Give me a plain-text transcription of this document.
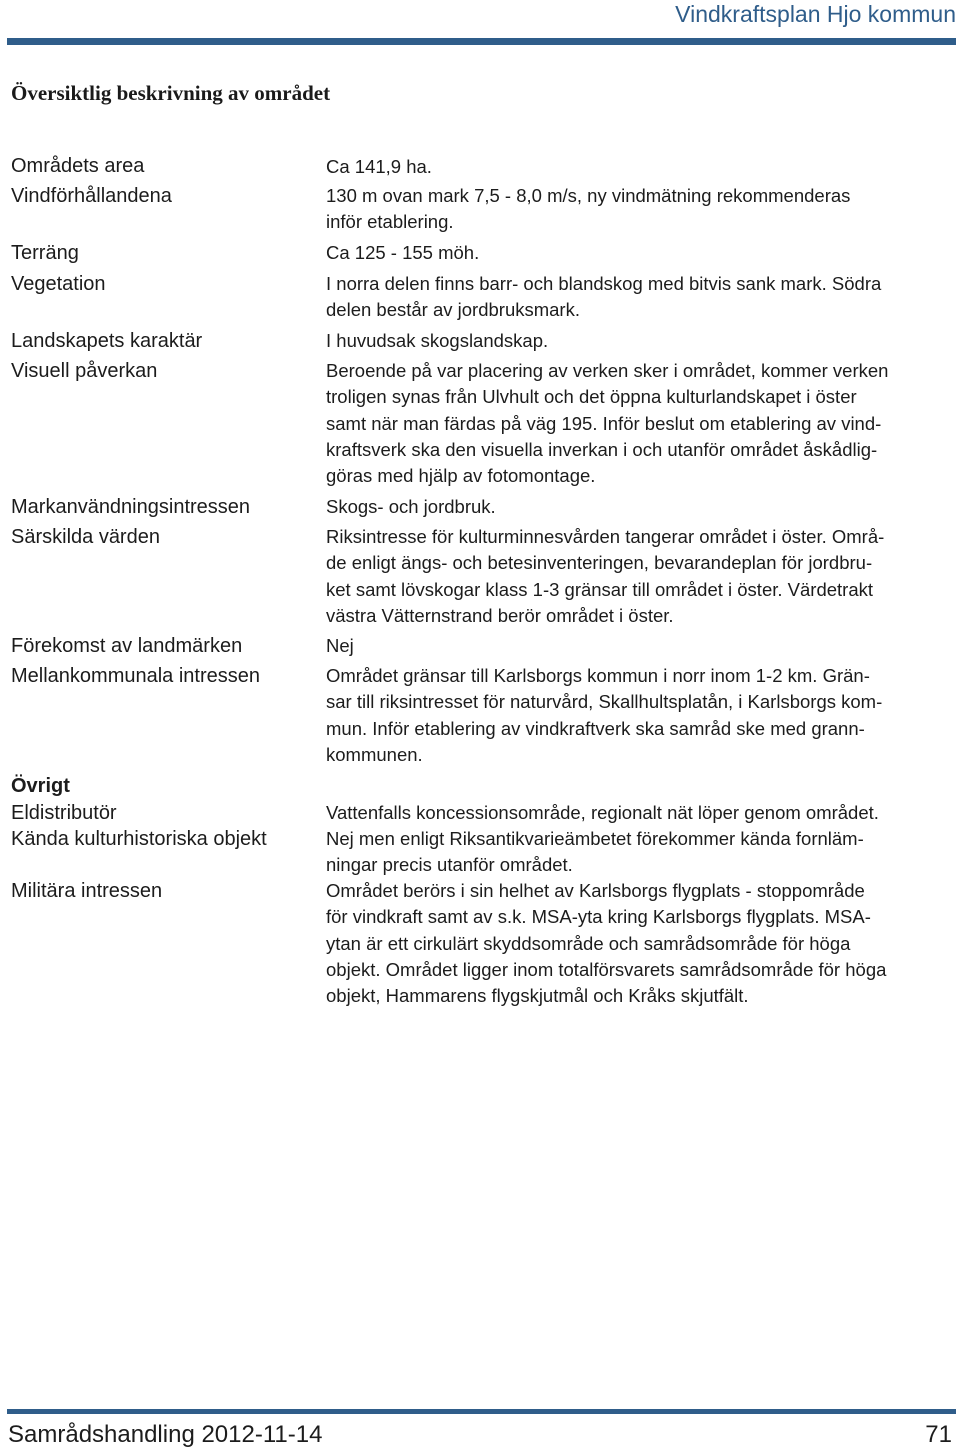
Vindkraftsplan Hjo kommun
Översiktlig beskrivning av området
Områdets area
Vindförhållandena
Terräng
Vegetation
Landskapets karaktär
Visuell påverkan
Markanvändningsintressen
Särskilda värden
Förekomst av landmärken
Mellankommunala intressen
Övrigt
Eldistributör
Kända kulturhistoriska objekt
Militära intressen
Ca 141,9 ha.
130 m ovan mark 7,5 - 8,0 m/s, ny vindmätning rekommenderas
inför etablering.
Ca 125 - 155 möh.
I norra delen finns barr- och blandskog med bitvis sank mark. Södra
delen består av jordbruksmark.
I huvudsak skogslandskap.
Beroende på var placering av verken sker i området, kommer verken
troligen synas från Ulvhult och det öppna kulturlandskapet i öster
samt när man färdas på väg 195. Inför beslut om etablering av vind-
kraftsverk ska den visuella inverkan i och utanför området åskådlig-
göras med hjälp av fotomontage.
Skogs- och jordbruk.
Riksintresse för kulturminnesvården tangerar området i öster. Områ-
de enligt ängs- och betesinventeringen, bevarandeplan för jordbru-
ket samt lövskogar klass 1-3 gränsar till området i öster. Värdetrakt
västra Vätternstrand berör området i öster.
Nej
Området gränsar till Karlsborgs kommun i norr inom 1-2 km. Grän-
sar till riksintresset för naturvård, Skallhultsplatån, i Karlsborgs kom-
mun. Inför etablering av vindkraftverk ska samråd ske med grann-
kommunen.
Vattenfalls koncessionsområde, regionalt nät löper genom området.
Nej men enligt Riksantikvarieämbetet förekommer kända fornläm-
ningar precis utanför området.
Området berörs i sin helhet av Karlsborgs flygplats - stoppområde
för vindkraft samt av s.k. MSA-yta kring Karlsborgs flygplats. MSA-
ytan är ett cirkulärt skyddsområde och samrådsområde för höga
objekt. Området ligger inom totalförsvarets samrådsområde för höga
objekt, Hammarens flygskjutmål och Kråks skjutfält.
Samrådshandling 2012-11-14	71
